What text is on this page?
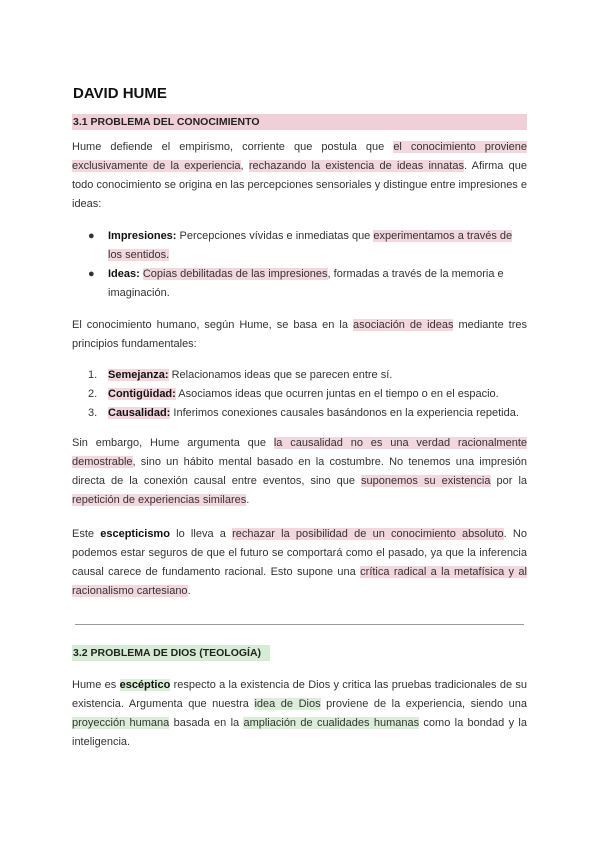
DAVID HUME
3.1 PROBLEMA DEL CONOCIMIENTO

Hume defiende el empirismo, corriente que postula que el conocimiento proviene exclusivamente de la experiencia, rechazando la existencia de ideas innatas. Afirma que todo conocimiento se origina en las percepciones sensoriales y distingue entre impresiones e ideas:

● Impresiones: Percepciones vívidas e inmediatas que experimentamos a través de los sentidos.
● Ideas: Copias debilitadas de las impresiones, formadas a través de la memoria e imaginación.

El conocimiento humano, según Hume, se basa en la asociación de ideas mediante tres principios fundamentales:

1. Semejanza: Relacionamos ideas que se parecen entre sí.
2. Contigüidad: Asociamos ideas que ocurren juntas en el tiempo o en el espacio.
3. Causalidad: Inferimos conexiones causales basándonos en la experiencia repetida.

Sin embargo, Hume argumenta que la causalidad no es una verdad racionalmente demostrable, sino un hábito mental basado en la costumbre. No tenemos una impresión directa de la conexión causal entre eventos, sino que suponemos su existencia por la repetición de experiencias similares.

Este escepticismo lo lleva a rechazar la posibilidad de un conocimiento absoluto. No podemos estar seguros de que el futuro se comportará como el pasado, ya que la inferencia causal carece de fundamento racional. Esto supone una crítica radical a la metafísica y al racionalismo cartesiano.

3.2 PROBLEMA DE DIOS (TEOLOGÍA)

Hume es escéptico respecto a la existencia de Dios y critica las pruebas tradicionales de su existencia. Argumenta que nuestra idea de Dios proviene de la experiencia, siendo una proyección humana basada en la ampliación de cualidades humanas como la bondad y la inteligencia.
